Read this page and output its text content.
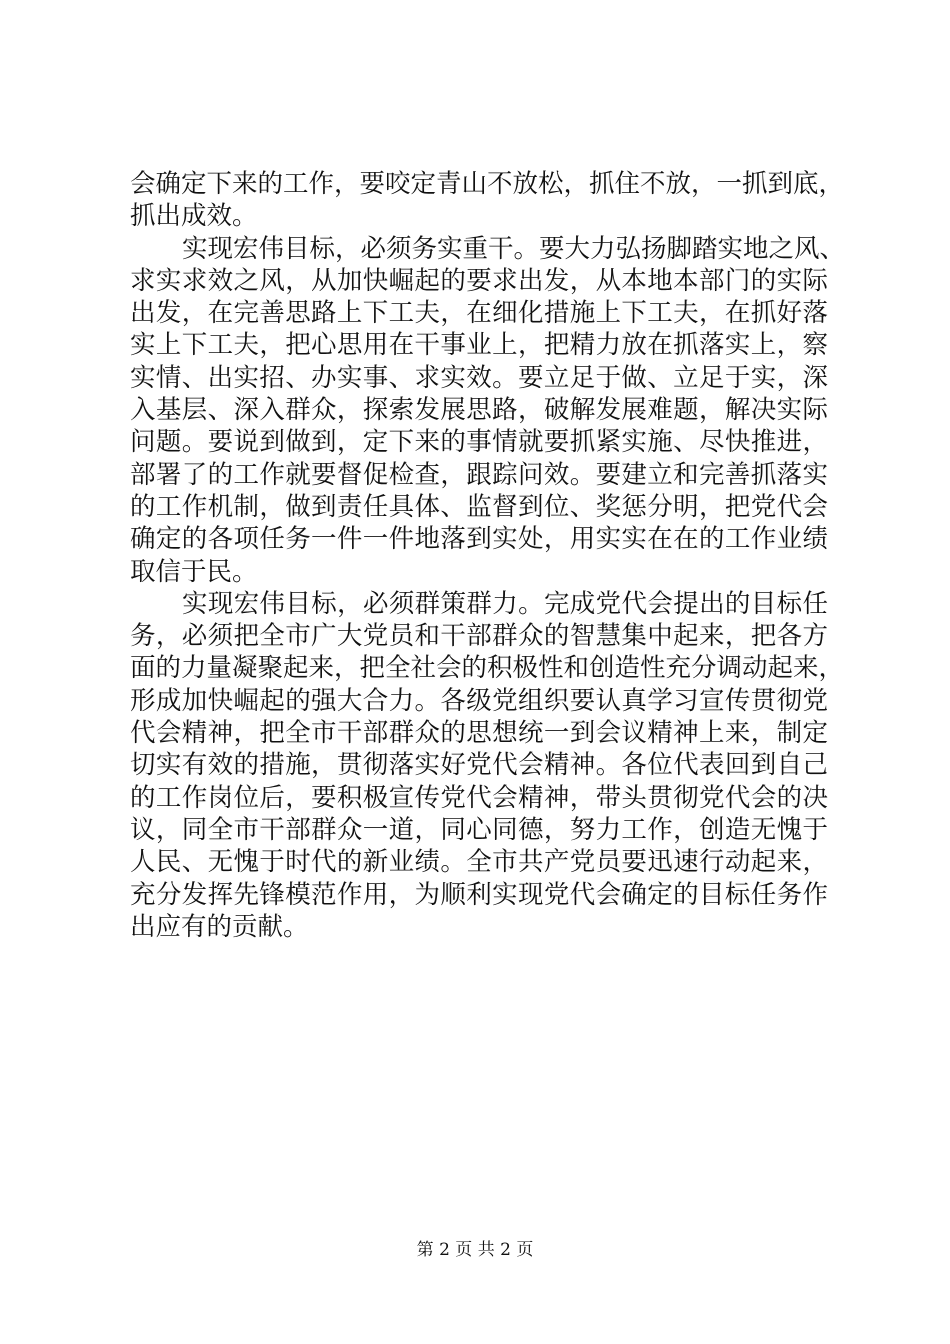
会确定下来的工作，要咬定青山不放松，抓住不放，一抓到底，
抓出成效。
实现宏伟目标，必须务实重干。要大力弘扬脚踏实地之风、
求实求效之风，从加快崛起的要求出发，从本地本部门的实际
出发，在完善思路上下工夫，在细化措施上下工夫，在抓好落
实上下工夫，把心思用在干事业上，把精力放在抓落实上，察
实情、出实招、办实事、求实效。要立足于做、立足于实，深
入基层、深入群众，探索发展思路，破解发展难题，解决实际
问题。要说到做到，定下来的事情就要抓紧实施、尽快推进，
部署了的工作就要督促检查，跟踪问效。要建立和完善抓落实
的工作机制，做到责任具体、监督到位、奖惩分明，把党代会
确定的各项任务一件一件地落到实处，用实实在在的工作业绩
取信于民。
实现宏伟目标，必须群策群力。完成党代会提出的目标任
务，必须把全市广大党员和干部群众的智慧集中起来，把各方
面的力量凝聚起来，把全社会的积极性和创造性充分调动起来，
形成加快崛起的强大合力。各级党组织要认真学习宣传贯彻党
代会精神，把全市干部群众的思想统一到会议精神上来，制定
切实有效的措施，贯彻落实好党代会精神。各位代表回到自己
的工作岗位后，要积极宣传党代会精神，带头贯彻党代会的决
议，同全市干部群众一道，同心同德，努力工作，创造无愧于
人民、无愧于时代的新业绩。全市共产党员要迅速行动起来，
充分发挥先锋模范作用，为顺利实现党代会确定的目标任务作
出应有的贡献。
第 2 页 共 2 页
